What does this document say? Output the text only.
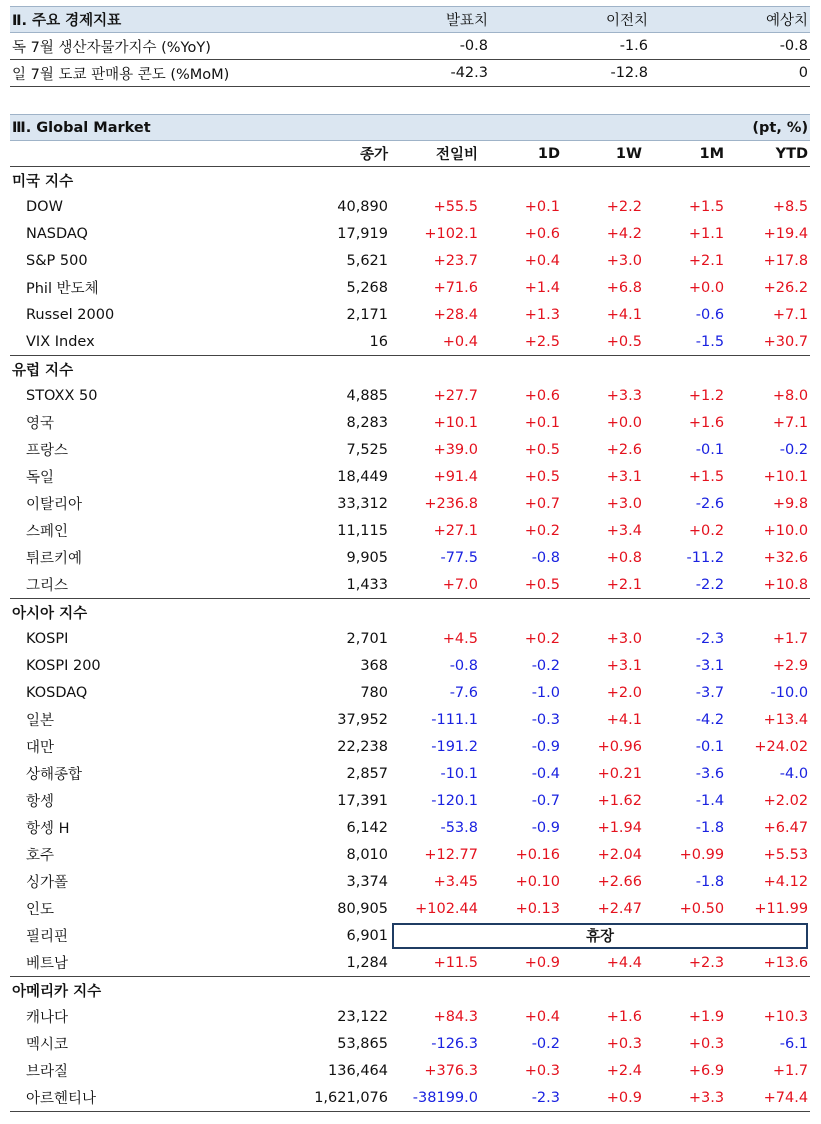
Ⅱ. 주요 경제지표	발표치	이전치	예상치
독 7월 생산자물가지수 (%YoY)	-0.8	-1.6	-0.8
일 7월 도쿄 판매용 콘도 (%MoM)	-42.3	-12.8	0
Ⅲ. Global Market						(pt, %)
	종가	전일비	1D	1W	1M	YTD
미국 지수						
DOW	40,890	+55.5	+0.1	+2.2	+1.5	+8.5
NASDAQ	17,919	+102.1	+0.6	+4.2	+1.1	+19.4
S&P 500	5,621	+23.7	+0.4	+3.0	+2.1	+17.8
Phil 반도체	5,268	+71.6	+1.4	+6.8	+0.0	+26.2
Russel 2000	2,171	+28.4	+1.3	+4.1	-0.6	+7.1
VIX Index	16	+0.4	+2.5	+0.5	-1.5	+30.7
유럽 지수						
STOXX 50	4,885	+27.7	+0.6	+3.3	+1.2	+8.0
영국	8,283	+10.1	+0.1	+0.0	+1.6	+7.1
프랑스	7,525	+39.0	+0.5	+2.6	-0.1	-0.2
독일	18,449	+91.4	+0.5	+3.1	+1.5	+10.1
이탈리아	33,312	+236.8	+0.7	+3.0	-2.6	+9.8
스페인	11,115	+27.1	+0.2	+3.4	+0.2	+10.0
튀르키예	9,905	-77.5	-0.8	+0.8	-11.2	+32.6
그리스	1,433	+7.0	+0.5	+2.1	-2.2	+10.8
아시아 지수						
KOSPI	2,701	+4.5	+0.2	+3.0	-2.3	+1.7
KOSPI 200	368	-0.8	-0.2	+3.1	-3.1	+2.9
KOSDAQ	780	-7.6	-1.0	+2.0	-3.7	-10.0
일본	37,952	-111.1	-0.3	+4.1	-4.2	+13.4
대만	22,238	-191.2	-0.9	+0.96	-0.1	+24.02
상해종합	2,857	-10.1	-0.4	+0.21	-3.6	-4.0
항셍	17,391	-120.1	-0.7	+1.62	-1.4	+2.02
항셍 H	6,142	-53.8	-0.9	+1.94	-1.8	+6.47
호주	8,010	+12.77	+0.16	+2.04	+0.99	+5.53
싱가폴	3,374	+3.45	+0.10	+2.66	-1.8	+4.12
인도	80,905	+102.44	+0.13	+2.47	+0.50	+11.99
필리핀	6,901	휴장				

베트남	1,284	+11.5	+0.9	+4.4	+2.3	+13.6
아메리카 지수						
캐나다	23,122	+84.3	+0.4	+1.6	+1.9	+10.3
멕시코	53,865	-126.3	-0.2	+0.3	+0.3	-6.1
브라질	136,464	+376.3	+0.3	+2.4	+6.9	+1.7
아르헨티나	1,621,076	-38199.0	-2.3	+0.9	+3.3	+74.4
